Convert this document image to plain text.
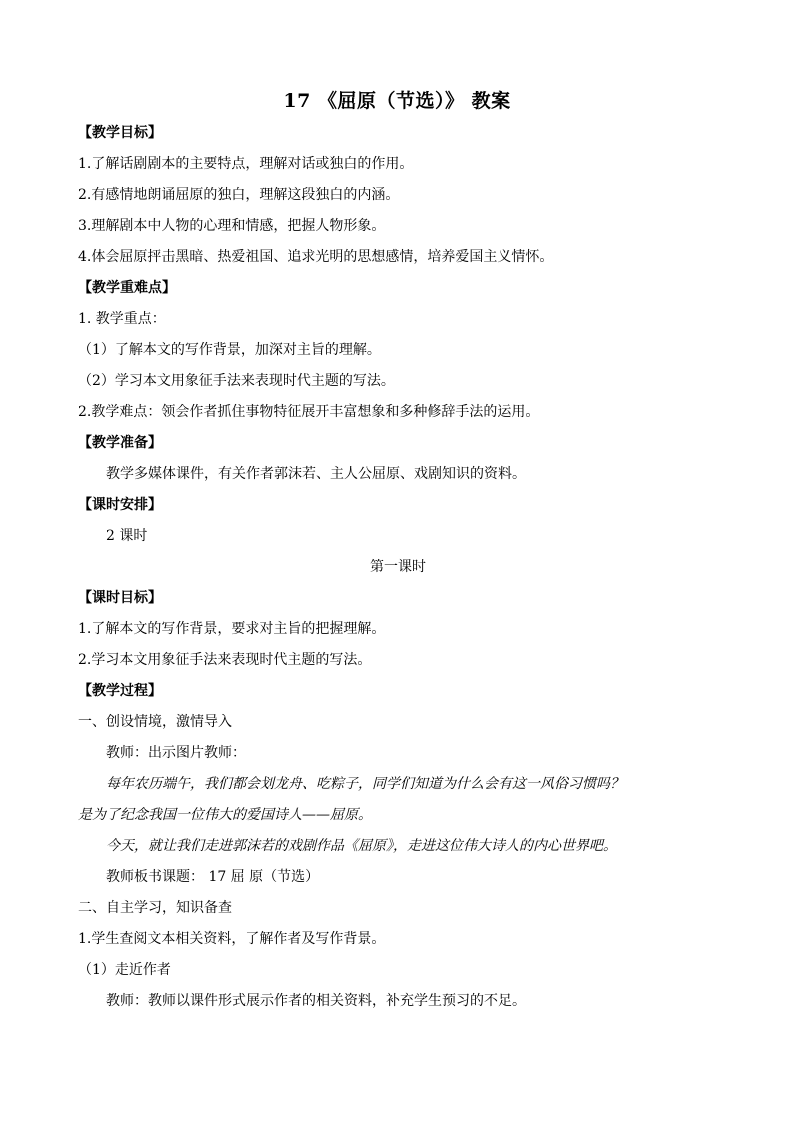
17 《屈原（节选）》 教案
【教学目标】
1.了解话剧剧本的主要特点，理解对话或独白的作用。
2.有感情地朗诵屈原的独白，理解这段独白的内涵。
3.理解剧本中人物的心理和情感，把握人物形象。
4.体会屈原抨击黑暗、热爱祖国、追求光明的思想感情，培养爱国主义情怀。
【教学重难点】
1. 教学重点：
（1）了解本文的写作背景，加深对主旨的理解。
（2）学习本文用象征手法来表现时代主题的写法。
2.教学难点：领会作者抓住事物特征展开丰富想象和多种修辞手法的运用。
【教学准备】
教学多媒体课件，有关作者郭沫若、主人公屈原、戏剧知识的资料。
【课时安排】
2 课时
第一课时
【课时目标】
1.了解本文的写作背景，要求对主旨的把握理解。
2.学习本文用象征手法来表现时代主题的写法。
【教学过程】
一、创设情境，激情导入
教师：出示图片教师：
每年农历端午，我们都会划龙舟、吃粽子，同学们知道为什么会有这一风俗习惯吗？
是为了纪念我国一位伟大的爱国诗人——屈原。
今天，就让我们走进郭沫若的戏剧作品《屈原》，走进这位伟大诗人的内心世界吧。
教师板书课题： 17 屈 原（节选）
二、自主学习，知识备查
1.学生查阅文本相关资料，了解作者及写作背景。
（1）走近作者
教师：教师以课件形式展示作者的相关资料，补充学生预习的不足。
